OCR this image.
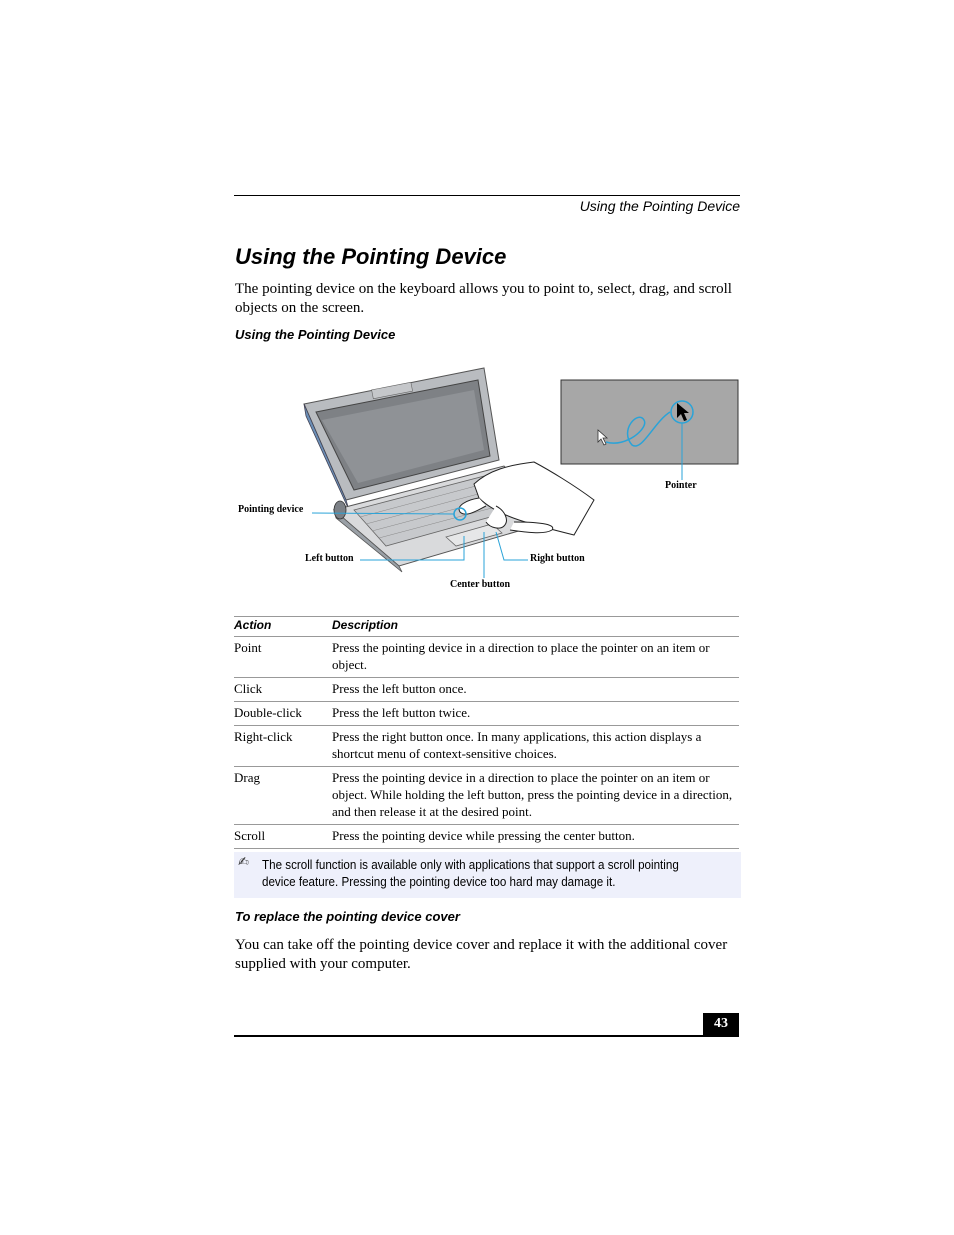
Using the Pointing Device
Using the Pointing Device

The pointing device on the keyboard allows you to point to, select, drag, and scroll objects on the screen.

Using the Pointing Device
Pointing device
Left button
Center button
Right button
Pointer
Action	Description
Point	Press the pointing device in a direction to place the pointer on an item or object.
Click	Press the left button once.
Double-click	Press the left button twice.
Right-click	Press the right button once. In many applications, this action displays a shortcut menu of context-sensitive choices.
Drag	Press the pointing device in a direction to place the pointer on an item or object. While holding the left button, press the pointing device in a direction, and then release it at the desired point.
Scroll	Press the pointing device while pressing the center button.
✍ The scroll function is available only with applications that support a scroll pointing device feature. Pressing the pointing device too hard may damage it.
To replace the pointing device cover

You can take off the pointing device cover and replace it with the additional cover supplied with your computer.

43
